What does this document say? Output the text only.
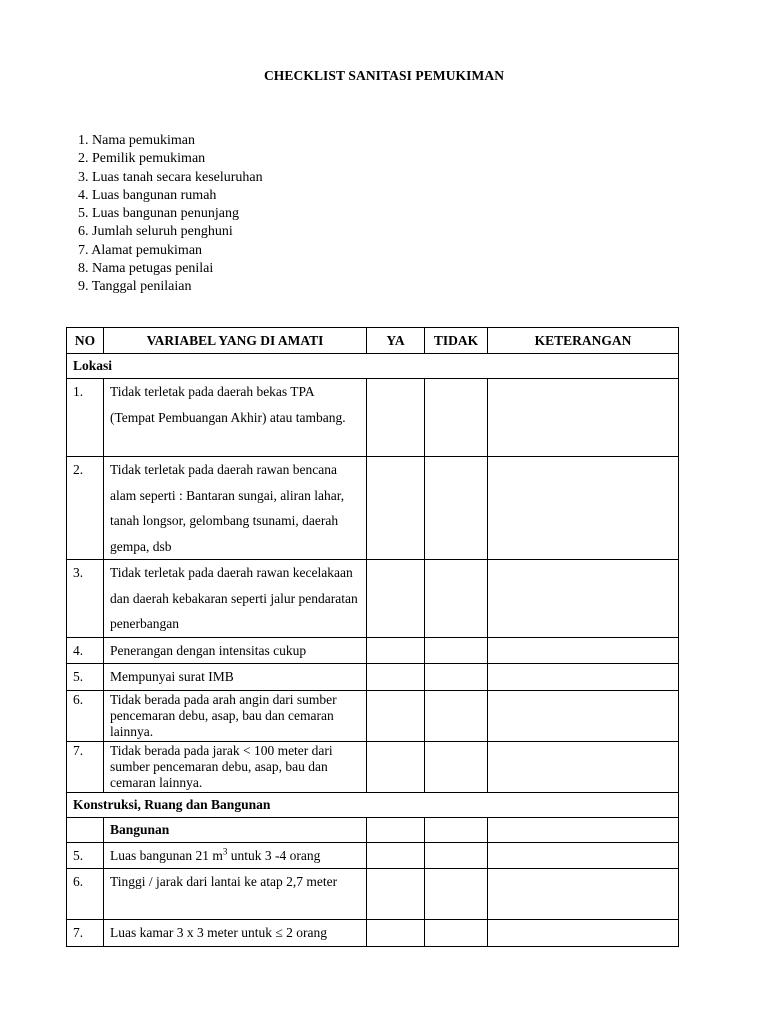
CHECKLIST SANITASI PEMUKIMAN
1. Nama pemukiman
2. Pemilik pemukiman
3. Luas tanah secara keseluruhan
4. Luas bangunan rumah
5. Luas bangunan penunjang
6. Jumlah seluruh penghuni
7. Alamat pemukiman
8. Nama petugas penilai
9. Tanggal penilaian
NO	VARIABEL YANG DI AMATI	YA	TIDAK	KETERANGAN
Lokasi				
1.	Tidak terletak pada daerah bekas TPA (Tempat Pembuangan Akhir) atau tambang.			
2.	Tidak terletak pada daerah rawan bencana alam seperti : Bantaran sungai, aliran lahar, tanah longsor, gelombang tsunami, daerah gempa, dsb			
3.	Tidak terletak pada daerah rawan kecelakaan dan daerah kebakaran seperti jalur pendaratan penerbangan			
4.	Penerangan dengan intensitas cukup			
5.	Mempunyai surat IMB			
6.	Tidak berada pada arah angin dari sumber pencemaran debu, asap, bau dan cemaran lainnya.			
7.	Tidak berada pada jarak < 100 meter dari sumber pencemaran debu, asap, bau dan cemaran lainnya.			
Konstruksi, Ruang dan Bangunan				
	Bangunan			
5.	Luas bangunan 21 $m^3$ untuk 3 -4 orang			
6.	Tinggi / jarak dari lantai ke atap 2,7 meter			
7.	Luas kamar 3 x 3 meter untuk ≤ 2 orang			
